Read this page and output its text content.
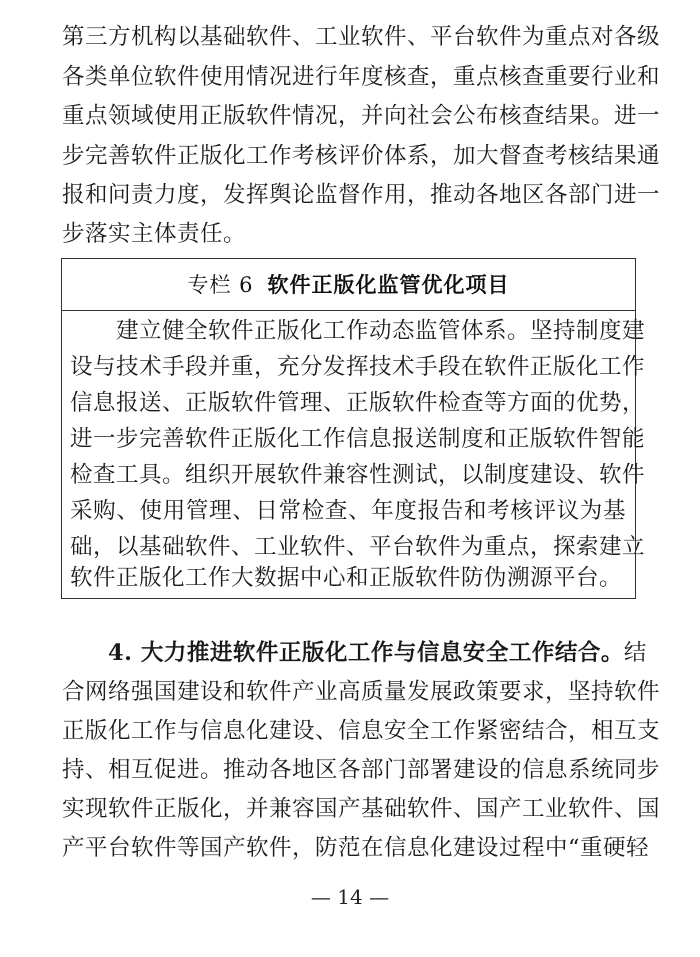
第三方机构以基础软件、工业软件、平台软件为重点对各级
各类单位软件使用情况进行年度核查，重点核查重要行业和
重点领域使用正版软件情况，并向社会公布核查结果。进一
步完善软件正版化工作考核评价体系，加大督查考核结果通
报和问责力度，发挥舆论监督作用，推动各地区各部门进一
步落实主体责任。
专栏 6 软件正版化监管优化项目
建立健全软件正版化工作动态监管体系。坚持制度建
设与技术手段并重，充分发挥技术手段在软件正版化工作
信息报送、正版软件管理、正版软件检查等方面的优势，
进一步完善软件正版化工作信息报送制度和正版软件智能
检查工具。组织开展软件兼容性测试，以制度建设、软件
采购、使用管理、日常检查、年度报告和考核评议为基
础，以基础软件、工业软件、平台软件为重点，探索建立
软件正版化工作大数据中心和正版软件防伪溯源平台。
4. 大力推进软件正版化工作与信息安全工作结合。 结
合网络强国建设和软件产业高质量发展政策要求，坚持软件
正版化工作与信息化建设、信息安全工作紧密结合，相互支
持、相互促进。推动各地区各部门部署建设的信息系统同步
实现软件正版化，并兼容国产基础软件、国产工业软件、国
产平台软件等国产软件，防范在信息化建设过程中“重硬轻
— 14 —
